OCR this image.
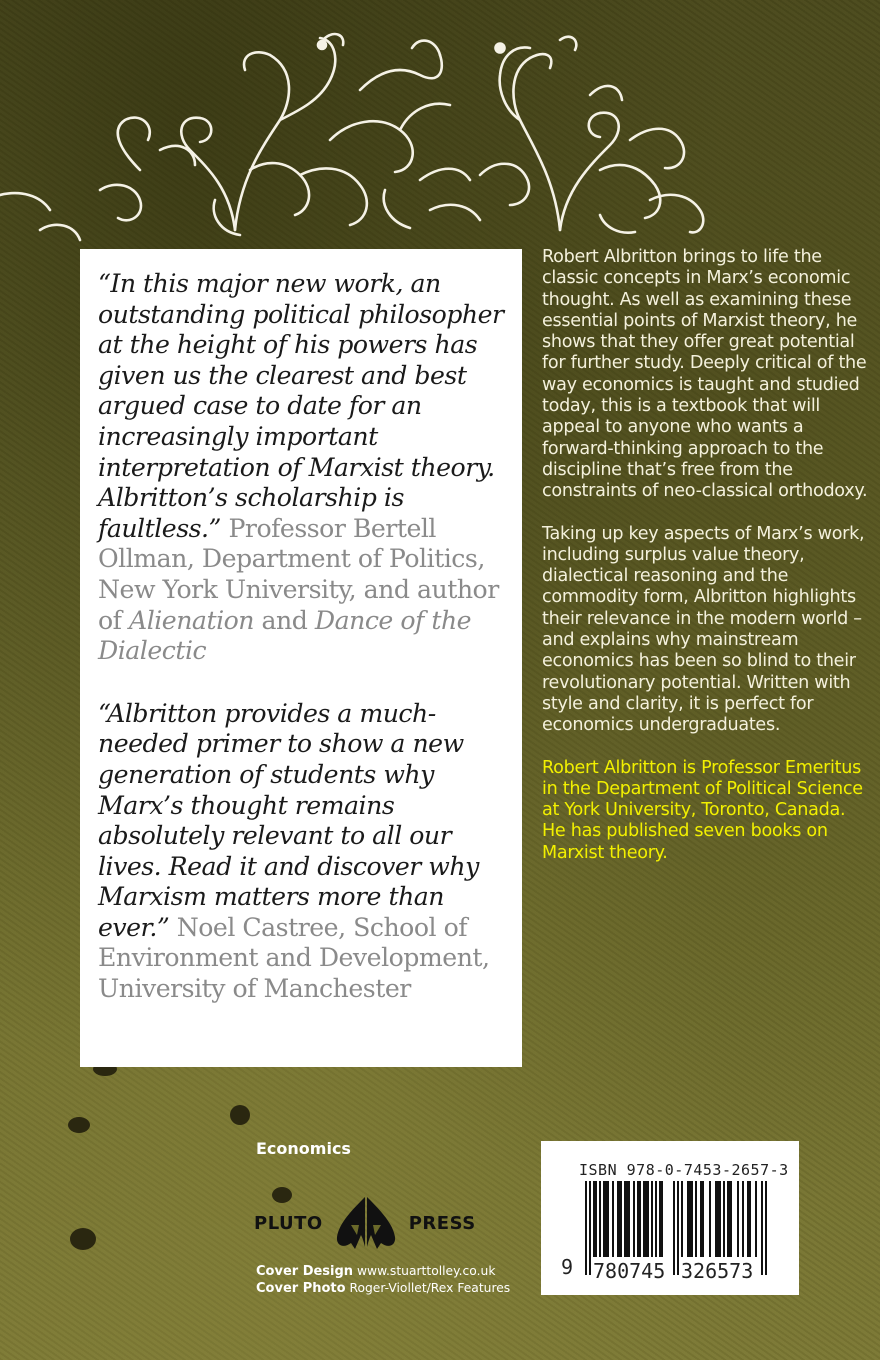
“In this major new work, an outstanding political philosopher at the height of his powers has given us the clearest and best argued case to date for an increasingly important interpretation of Marxist theory. Albritton’s scholarship is faultless.” Professor Bertell Ollman, Department of Politics, New York University, and author of Alienation and Dance of the Dialectic

“Albritton provides a much-needed primer to show a new generation of students why Marx’s thought remains absolutely relevant to all our lives. Read it and discover why Marxism matters more than ever.” Noel Castree, School of Environment and Development, University of Manchester

Robert Albritton brings to life the classic concepts in Marx’s economic thought. As well as examining these essential points of Marxist theory, he shows that they offer great potential for further study. Deeply critical of the way economics is taught and studied today, this is a textbook that will appeal to anyone who wants a forward-thinking approach to the discipline that’s free from the constraints of neo-classical orthodoxy.

Taking up key aspects of Marx’s work, including surplus value theory, dialectical reasoning and the commodity form, Albritton highlights their relevance in the modern world – and explains why mainstream economics has been so blind to their revolutionary potential. Written with style and clarity, it is perfect for economics undergraduates.

Robert Albritton is Professor Emeritus in the Department of Political Science at York University, Toronto, Canada. He has published seven books on Marxist theory.

Economics
PLUTO	PRESS
Cover Design www.stuarttolley.co.uk
Cover Photo Roger-Viollet/Rex Features
ISBN 978-0-7453-2657-3
9 780745 326573
